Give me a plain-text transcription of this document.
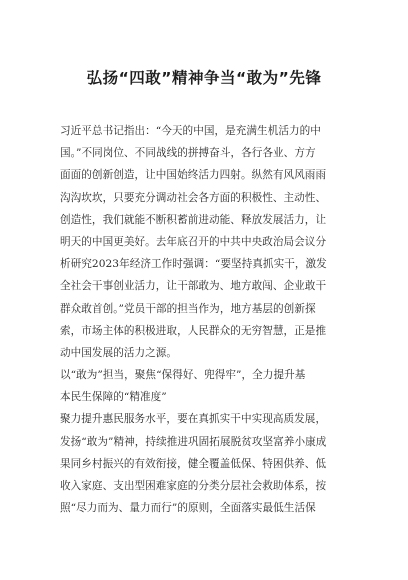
弘扬“四敢”精神争当“敢为”先锋
习近平总书记指出：“今天的中国，是充满生机活力的中
国。”不同岗位、不同战线的拼搏奋斗，各行各业、方方
面面的创新创造，让中国始终活力四射。纵然有风风雨雨
沟沟坎坎，只要充分调动社会各方面的积极性、主动性、
创造性，我们就能不断积蓄前进动能、释放发展活力，让
明天的中国更美好。去年底召开的中共中央政治局会议分
析研究2023年经济工作时强调：“要坚持真抓实干，激发
全社会干事创业活力，让干部敢为、地方敢闯、企业敢干
群众敢首创。”党员干部的担当作为，地方基层的创新探
索，市场主体的积极进取，人民群众的无穷智慧，正是推
动中国发展的活力之源。
以“敢为”担当，聚焦“保得好、兜得牢”，全力提升基
本民生保障的“精准度”
聚力提升惠民服务水平，要在真抓实干中实现高质发展，
发扬“敢为”精神，持续推进巩固拓展脱贫攻坚富养小康成
果同乡村振兴的有效衔接，健全覆盖低保、特困供养、低
收入家庭、支出型困难家庭的分类分层社会救助体系，按
照“尽力而为、量力而行”的原则，全面落实最低生活保
